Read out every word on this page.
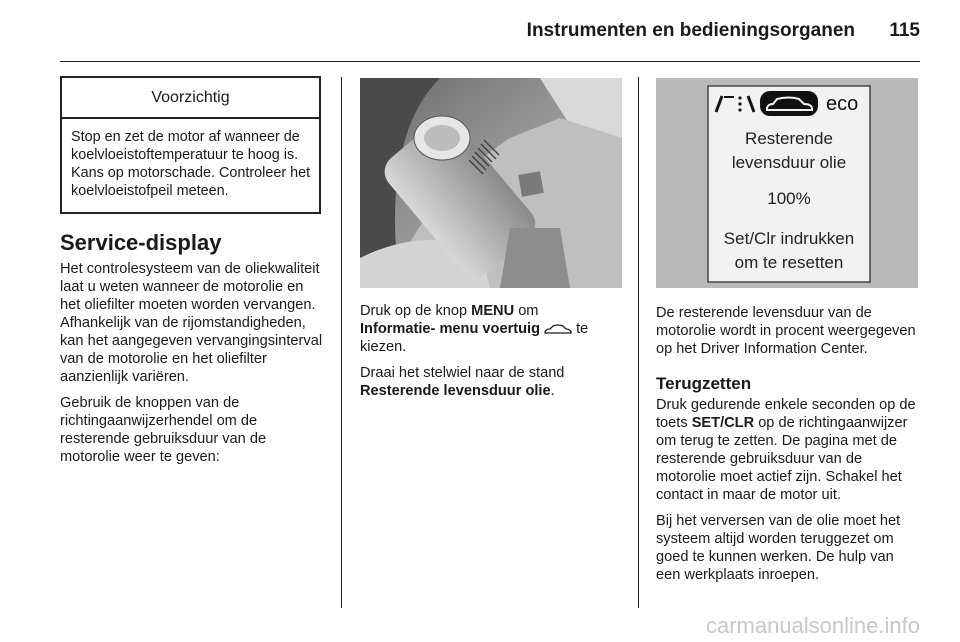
Instrumenten en bedieningsorganen 115
Voorzichtig
Stop en zet de motor af wanneer de koelvloeistoftemperatuur te hoog is. Kans op motorschade. Controleer het koelvloeistofpeil meteen.
Service-display

Het controlesysteem van de oliekwaliteit laat u weten wanneer de motorolie en het oliefilter moeten worden vervangen. Afhankelijk van de rijomstandigheden, kan het aangegeven vervangingsinterval van de motorolie en het oliefilter aanzienlijk variëren.

Gebruik de knoppen van de richtingaanwijzerhendel om de resterende gebruiksduur van de motorolie weer te geven:

Druk op de knop MENU om
Informatie- menu voertuig  te kiezen.

Draai het stelwiel naar de stand
Resterende levensduur olie.

eco
Resterende
levensduur olie
100%
Set/Clr indrukken
om te resetten

De resterende levensduur van de motorolie wordt in procent weergegeven op het Driver Information Center.

Terugzetten

Druk gedurende enkele seconden op de toets SET/CLR op de richtingaanwijzer om terug te zetten. De pagina met de resterende gebruiksduur van de motorolie moet actief zijn. Schakel het contact in maar de motor uit.

Bij het verversen van de olie moet het systeem altijd worden teruggezet om goed te kunnen werken. De hulp van een werkplaats inroepen.

carmanualsonline.info
